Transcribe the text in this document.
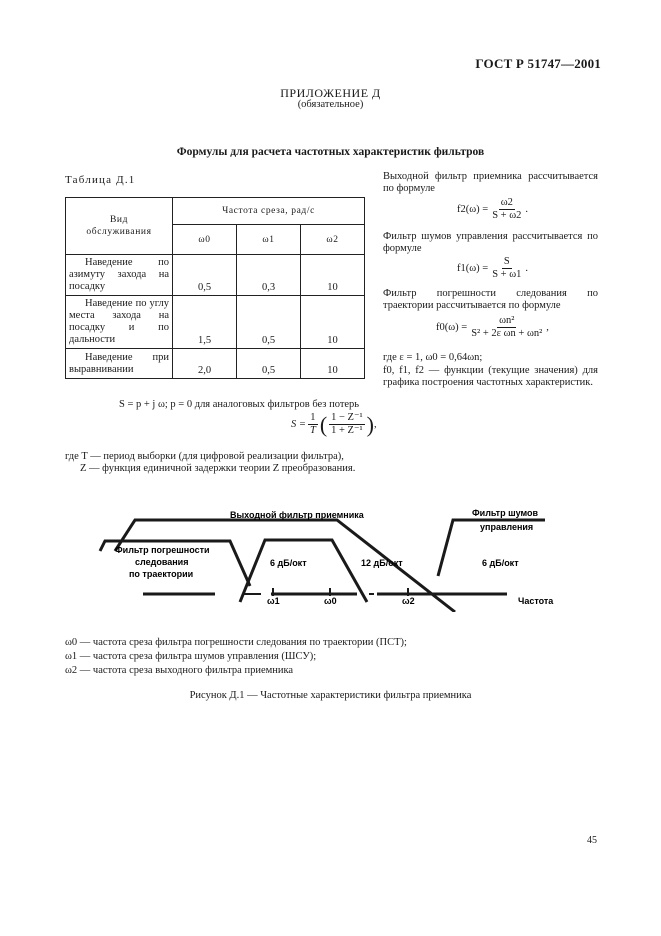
ГОСТ Р 51747—2001
ПРИЛОЖЕНИЕ Д
(обязательное)
Формулы для расчета частотных характеристик фильтров
Таблица Д.1
Вид обслуживания	Частота среза, рад/с		
	ω0	ω1	ω2
Наведение по азимуту захода на посадку	0,5	0,3	10
Наведение по углу места захода на посадку и по дальности	1,5	0,5	10
Наведение при выравнивании	2,0	0,5	10
Выходной фильтр приемника рассчитывается по формуле
$f2(\omega) = \frac{\omega 2}{S + \omega 2}$ .
Фильтр шумов управления рассчитывается по формуле
$f1(\omega) = \frac{S}{S + \omega 1}$ .
Фильтр погрешности следования по траектории рассчитывается по формуле
$f0(\omega) = \frac{\text{ωn²}}{\text{S² + 2ε ωn + ωn²}}$ ,
где ε = 1, ω0 = 0,64ωn;
f0, f1, f2 — функции (текущие значения) для графика построения частотных характеристик.
S = p + j ω; p = 0 для аналоговых фильтров без потерь
$S = \frac{1}{T}$ ( $\frac{\text{1 − Z⁻¹}}{\text{1 + Z⁻¹}}$ ) ,
где T — период выборки (для цифровой реализации фильтра),
Z — функция единичной задержки теории Z преобразования.
Выходной фильтр приемника	Фильтр шумов
управления
Фильтр погрешности
следования
по траектории
6 дБ/окт	12 дБ/окт	6 дБ/окт
ω1	ω0	ω2	Частота
ω0 — частота среза фильтра погрешности следования по траектории (ПСТ);
ω1 — частота среза фильтра шумов управления (ШСУ);
ω2 — частота среза выходного фильтра приемника
Рисунок Д.1 — Частотные характеристики фильтра приемника
45
